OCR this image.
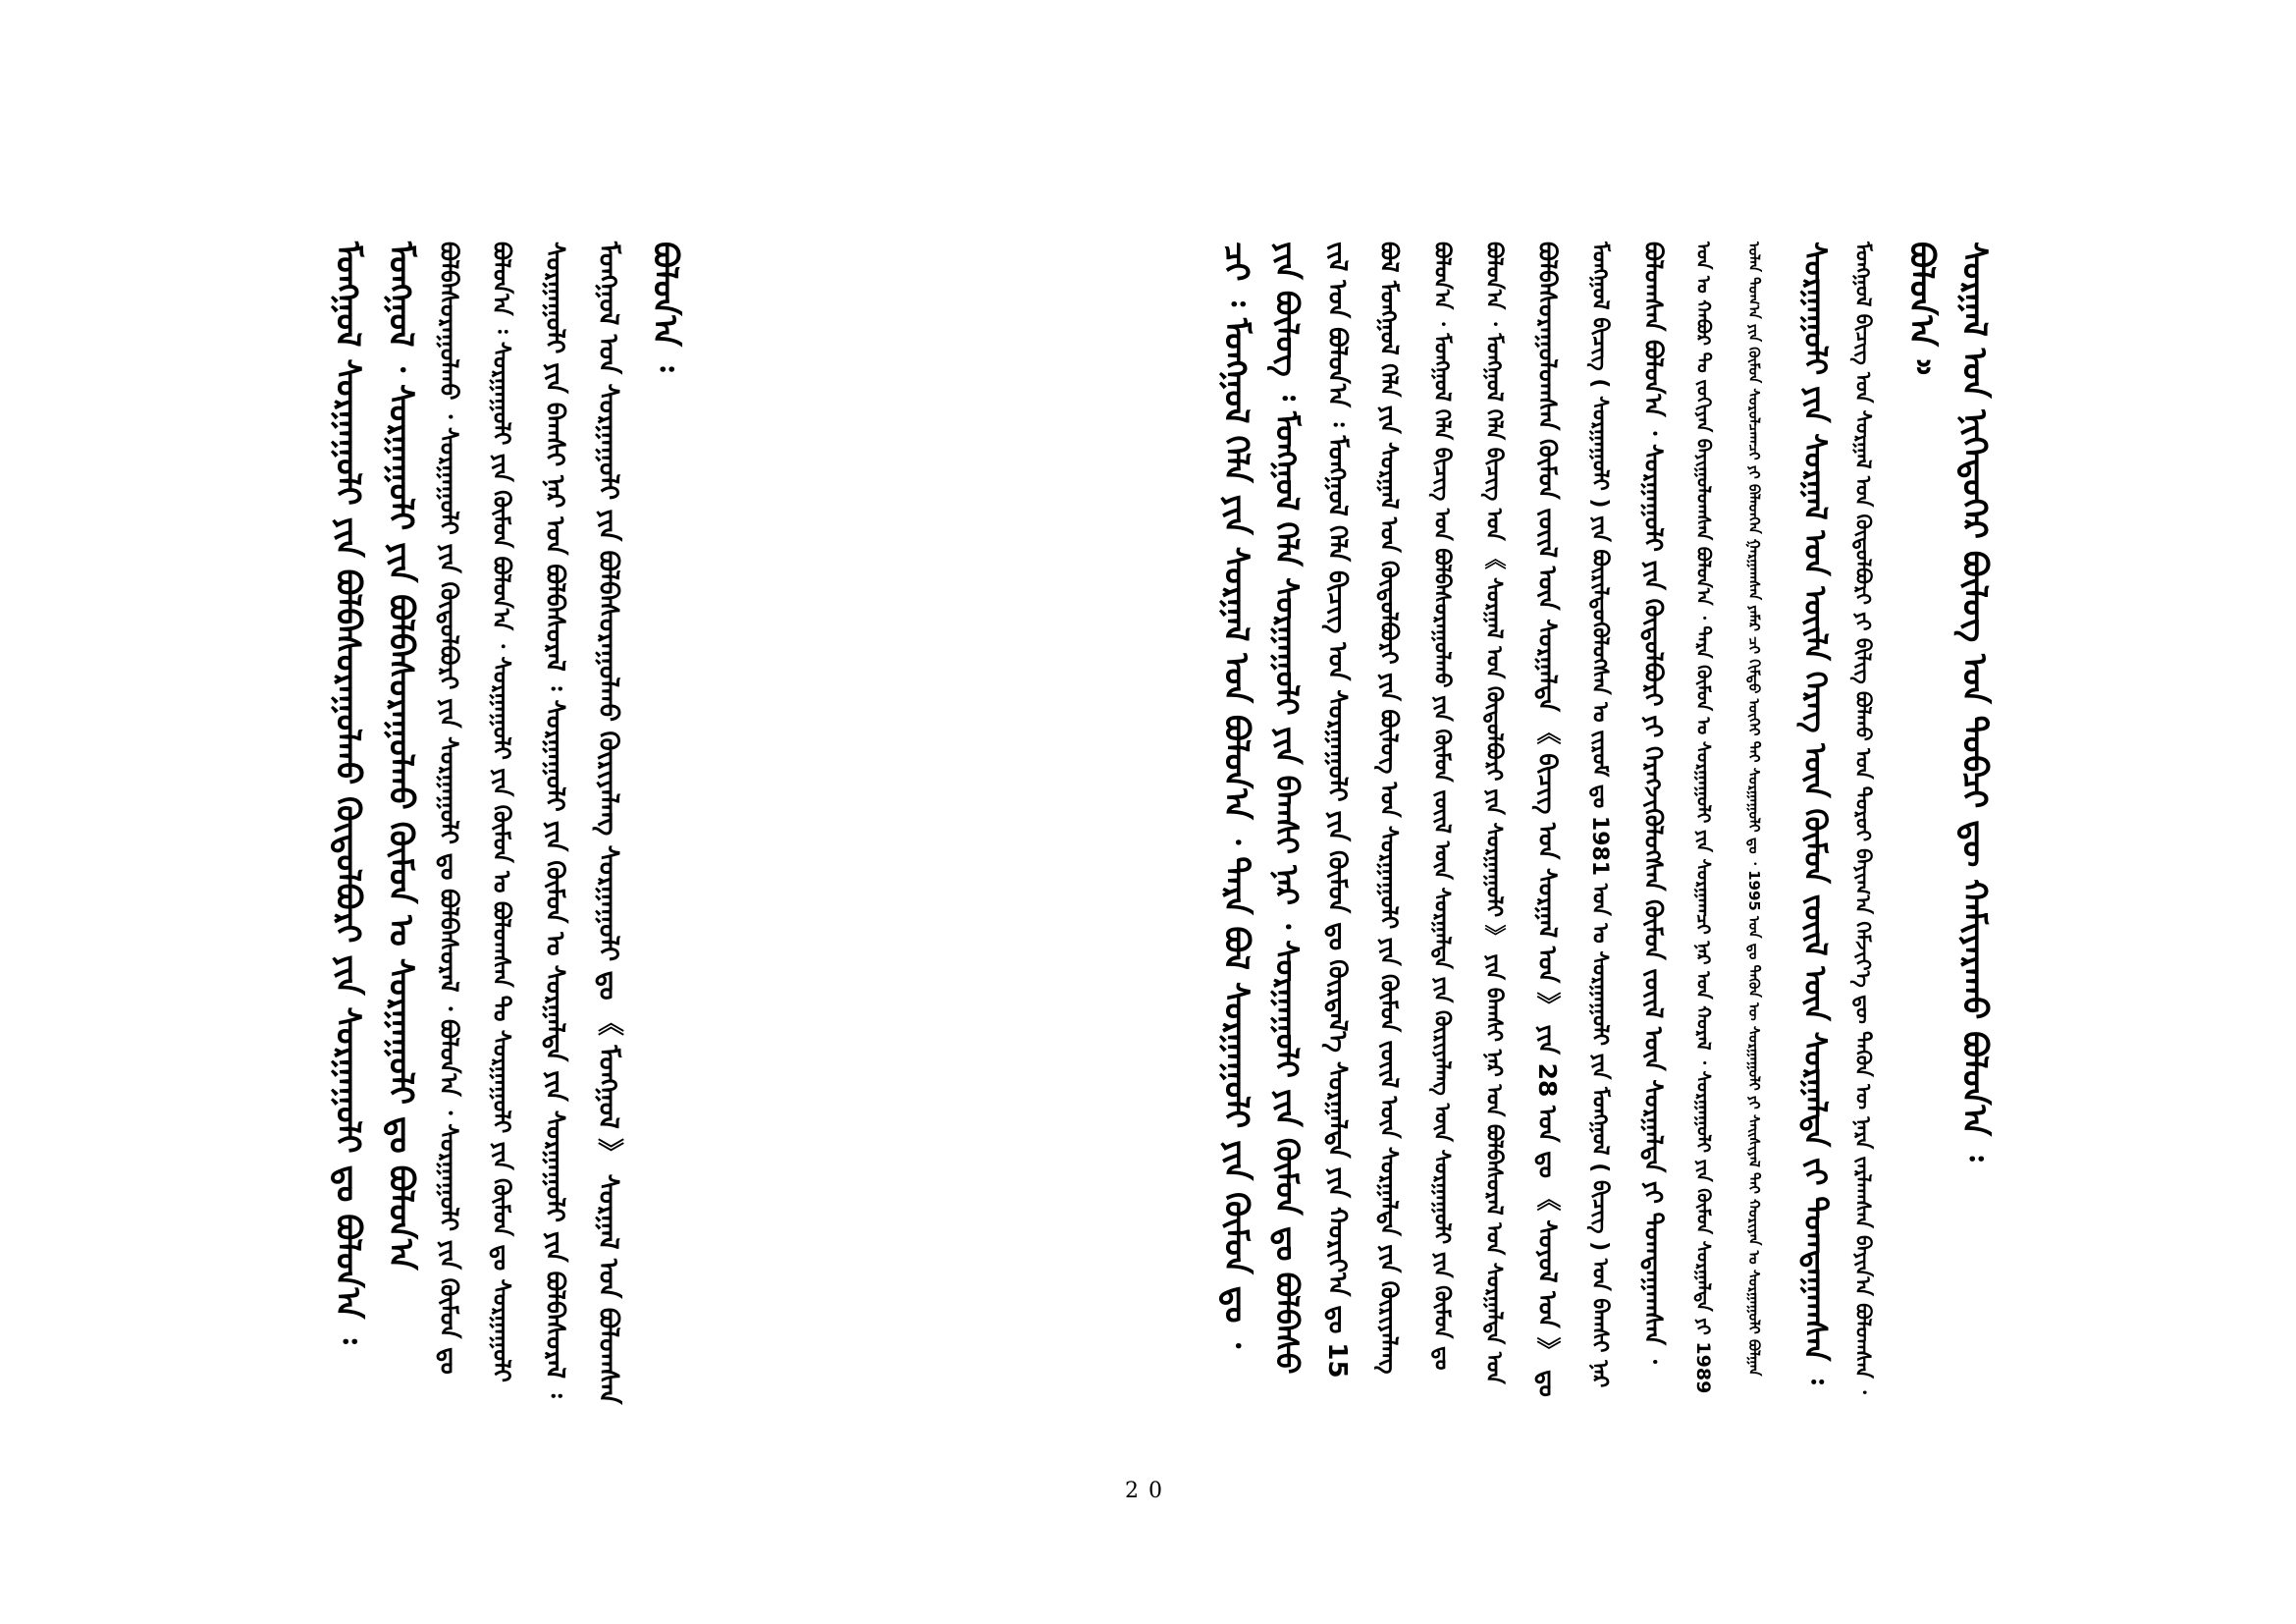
ᠰᠤᠷᠭᠠᠯ ᠤᠨ ᠨᠢᠭᠡᠳᠦᠭᠡᠷ ᠪᠦᠯᠦᠭ ᠤᠨ ᠲᠣᠪᠴᠢ ᠳᠦ ᠬᠠᠮᠢᠶᠠᠷᠠᠬᠤ ᠪᠣᠯᠤᠨ᠎ᠠ ᠄
ᠪᠣᠯᠤᠨ᠎ᠠ ᠉
ᠮᠣᠩᠭᠣᠯ ᠪᠢᠴᠢᠭ ᠤᠨ ᠰᠤᠷᠭᠠᠯ ᠤᠨ ᠬᠥᠲᠦᠯᠪᠦᠷᠢ ᠶᠢ ᠪᠢᠯᠢᠭ ᠪᠣᠯᠬᠤ ᠤᠨ ᠳᠤᠷᠤᠢ ᠪᠠᠶᠢᠭ᠎ᠠ ᠬᠡᠮᠵᠢᠶ᠎ᠡ ᠳᠦ ᠲᠡᠭᠦᠨ ᠦ ᠨᠡᠷᠡ ᠵᠠᠷᠯᠠᠭᠰᠠᠨ ᠪᠠᠶᠢᠨ᠎ᠠ ᠪᠣᠯᠤᠭᠰᠠᠨ ᠂
ᠰᠤᠷᠭᠠᠭᠤᠯᠢ ᠶᠢᠨ ᠰᠤᠷᠭᠠᠯ ᠤᠨ ᠦᠢᠯᠡ ᠬᠡᠷᠡᠭ ᠦᠨ ᠬᠦᠮᠦᠨ ᠵᠦᠢᠯ ᠦᠨ ᠰᠤᠷᠭᠠᠯᠲᠠ ᠵᠢ ᠲᠣᠭᠲᠠᠭᠠᠭᠰᠠᠨ ᠄
ᠣᠯᠠᠨ ᠲᠣᠭ᠎ᠠ ᠶᠢᠨ ᠬᠦᠮᠦᠨ ᠰᠤᠷᠤᠯᠴᠠᠭᠴᠢ ᠶᠢ ᠪᠡᠯᠡᠳᠬᠡᠨ ᠭᠠᠷᠭᠠᠭᠰᠠᠨ ᠶᠠᠮᠠᠷ ᠴᠢ ᠬᠢᠮᠳᠦ ᠦᠭᠡᠢ ᠲᠡᠢ ᠰᠤᠷᠭᠠᠭᠤᠯᠢ ᠳᠤ ᠂ 1995 ᠣᠨ ᠳᠤ ᠲᠡᠭᠦᠨ ᠦ ᠰᠤᠷᠭᠠᠭᠤᠯᠢ ᠶᠢ ᠰᠠᠢᠰᠢᠶᠠᠯ ᠲᠠᠢ ᠬᠣᠷᠢᠶᠠᠨ ᠤ ᠰᠤᠷᠭᠠᠭᠤᠯᠢ ᠪᠣᠯᠭᠠᠨ
ᠣᠨ ᠤ ᠬᠠᠪᠤᠷ ᠲᠤ ᠵᠣᠬᠢᠶᠠᠨ ᠪᠠᠶᠢᠭᠤᠯᠤᠭᠰᠠᠨ ᠪᠣᠯᠤᠨ᠎ᠠ ᠂ ᠲᠡᠷᠡ ᠬᠦᠮᠦᠨ ᠤ ᠰᠤᠷᠭᠠᠭᠤᠯᠢ ᠶᠢᠨ ᠰᠤᠷᠭᠠᠭᠴᠢ ᠨᠠᠷ ᠤᠨ ᠬᠤᠷᠠᠯ ᠂ ᠰᠤᠷᠭᠠᠭᠤᠯᠢ ᠶᠢᠨ ᠬᠦᠮᠦᠨ ᠰᠤᠷᠭᠠᠯᠲᠠ ᠶᠢ 1989
ᠪᠣᠯᠤᠭᠰᠠᠨ ᠪᠣᠯᠤᠨ᠎ᠠ ᠂ ᠰᠤᠷᠭᠠᠭᠤᠯᠢ ᠶᠢᠨ ᠬᠥᠲᠦᠯᠪᠦᠷᠢ ᠶᠢ ᠬᠡᠷᠡᠭᠵᠢᠭᠦᠯᠦᠭᠰᠡᠨ ᠬᠦᠮᠦᠨ ᠵᠦᠢᠯ ᠦᠨ ᠰᠤᠷᠭᠠᠯᠲᠠ ᠶᠢ ᠲᠣᠭᠲᠠᠭᠠᠭᠰᠠᠨ ᠂
ᠮᠣᠩᠭᠣᠯ ᠪᠢᠴᠢᠭ ( ᠰᠤᠷᠭᠠᠭᠤᠯᠢ ) ᠶᠢᠨ ᠪᠦᠷᠢᠯᠳᠦᠭᠦᠯᠦᠭᠰᠡᠨ ᠤ ᠵᠢᠷᠤᠮ ᠳᠤ 1981 ᠣᠨ ᠤ ᠰᠤᠷᠭᠠᠭᠤᠯᠢ ᠶᠢᠨ ᠮᠣᠩᠭᠣᠯ ( ᠪᠢᠴᠢᠭ ) ᠤᠨ ᠪᠠᠭᠰᠢ ᠨᠠᠷ
ᠪᠣᠯᠪᠠᠰᠤᠷᠠᠭᠤᠯᠤᠭᠰᠠᠨ ᠬᠦᠮᠦᠨ ᠵᠦᠢᠯ ᠦᠨ ᠰᠤᠷᠭᠠᠯᠲᠠ 《 ᠪᠢᠴᠢᠭ ᠤᠨ ᠰᠤᠷᠭᠠᠯ ᠤᠨ 》 ᠶᠢᠨ 28 ᠣᠨ ᠳᠤ 《 ᠰᠣᠶᠣᠯ ᠤᠨ 》 ᠳᠤ
ᠪᠣᠯᠤᠨ᠎ᠠ ᠂ ᠮᠣᠩᠭᠣᠯ ᠬᠡᠯᠡ ᠪᠢᠴᠢᠭ ᠤᠨ 《 ᠰᠤᠷᠭᠠᠯ ᠤᠨ ᠬᠥᠲᠦᠯᠪᠦᠷᠢ ᠶᠢᠨ ᠰᠤᠷᠭᠠᠭᠤᠯᠢ 》 ᠶᠢᠨ ᠪᠠᠭᠰᠢ ᠨᠠᠷ ᠤᠨ ᠪᠣᠯᠪᠠᠰᠤᠷᠠᠯ ᠤᠨ ᠰᠤᠷᠭᠠᠯᠲᠠ ᠤᠨ
ᠪᠣᠯᠤᠨ᠎ᠠ ᠂ ᠮᠣᠩᠭᠣᠯ ᠬᠡᠯᠡ ᠪᠢᠴᠢᠭ ᠤᠨ ᠪᠣᠯᠪᠠᠰᠤᠷᠠᠭᠤᠯᠬᠤ ᠶᠢᠨ ᠬᠦᠮᠦᠨ ᠵᠦᠢᠯ ᠦᠨ ᠰᠤᠷᠭᠠᠯᠲᠠ ᠶᠢᠨ ᠬᠦᠷᠢᠶᠡᠯᠡᠩ ᠦᠨ ᠰᠤᠷᠭᠠᠭᠤᠯᠢ ᠶᠢᠨ ᠬᠦᠮᠦᠨ ᠳᠤ
ᠪᠣᠯ ᠮᠣᠩᠭᠣᠯ ᠬᠡᠯᠡ ᠶᠢᠨ ᠰᠤᠷᠭᠠᠯ ᠤᠨ ᠬᠥᠲᠦᠯᠪᠦᠷᠢ ᠶᠢᠨ ᠪᠦᠯᠦᠭ ᠤᠨ ᠰᠤᠷᠭᠠᠭᠤᠯᠢ ᠶᠢᠨ ᠬᠦᠮᠦᠨ ᠵᠦᠢᠯ ᠦᠨ ᠰᠤᠷᠭᠠᠯᠲᠠ ᠶᠢᠨ ᠬᠦᠷᠢᠶᠡᠯᠡᠩ
ᠵᠢᠯ ᠤᠨ ᠪᠣᠯᠤᠨ᠎ᠠ ᠄ ᠮᠣᠩᠭᠣᠯ ᠬᠡᠯᠡ ᠪᠢᠴᠢᠭ ᠤᠨ ᠰᠤᠷᠭᠠᠭᠤᠯᠢ ᠶᠢᠨ ᠬᠦᠮᠦᠨ ᠳᠤ ᠬᠦᠷᠲᠡᠯ᠎ᠡ ᠰᠤᠷᠭᠠᠯᠲᠠ ᠶᠢᠨ ᠬᠣᠷᠢᠶ᠎ᠠ ᠳᠤ 15
ᠶᠢᠨ ᠪᠦᠯᠦᠭ ᠄ ᠮᠣᠩᠭᠣᠯ ᠬᠡᠯᠡ ᠰᠤᠷᠭᠠᠭᠤᠯᠢ ᠶᠢᠨ ᠪᠠᠭᠰᠢ ᠨᠠᠷ ᠂ ᠰᠤᠷᠭᠠᠭᠤᠯᠢ ᠶᠢᠨ ᠬᠦᠮᠦᠨ ᠳᠤ ᠪᠣᠯᠪᠠᠰᠤ
ᠴᠢ ᠄ ᠮᠣᠩᠭᠣᠯ ᠬᠡᠯᠡ ᠶᠢᠨ ᠰᠤᠷᠭᠠᠯ ᠤᠨ ᠪᠣᠯᠤᠨ᠎ᠠ ᠂ ᠲᠡᠷᠡ ᠪᠣᠯ ᠰᠤᠷᠭᠠᠭᠤᠯᠢ ᠶᠢᠨ ᠬᠦᠮᠦᠨ ᠳᠤ ᠂
ᠪᠣᠯᠤᠨ᠎ᠠ ᠄
ᠮᠣᠩᠭᠣᠯ ᠤᠨ ᠰᠤᠷᠭᠠᠭᠤᠯᠢ ᠶᠢᠨ ᠪᠣᠯᠪᠠᠰᠤᠷᠠᠭᠤᠯᠬᠤ ᠬᠦᠷᠢᠶᠡᠯᠡᠩ ᠰᠤᠷᠭᠠᠭᠤᠯᠢ ᠳᠤ 《 ᠮᠣᠩᠭᠣᠯ 》 ᠰᠤᠷᠭᠠᠯ ᠤᠨ ᠪᠣᠯᠤᠭᠰᠠᠨ
ᠰᠤᠷᠭᠠᠭᠤᠯᠢ ᠶᠢᠨ ᠪᠠᠭᠰᠢ ᠨᠠᠷ ᠤᠨ ᠪᠣᠯᠪᠠᠰᠤᠷᠠᠯ ᠄ ᠰᠤᠷᠭᠠᠭᠤᠯᠢ ᠶᠢᠨ ᠬᠦᠮᠦᠨ ᠤ ᠰᠤᠷᠭᠠᠯᠲᠠ ᠶᠢᠨ ᠰᠤᠷᠭᠠᠭᠤᠯᠢ ᠶᠢᠨ ᠪᠣᠯᠪᠠᠰᠤᠷᠠᠯ ᠄
ᠪᠣᠯᠤᠨ᠎ᠠ ᠄ ᠰᠤᠷᠭᠠᠭᠤᠯᠢ ᠶᠢᠨ ᠬᠦᠮᠦᠨ ᠪᠣᠯᠤᠨ᠎ᠠ ᠂ ᠰᠤᠷᠭᠠᠭᠤᠯᠢ ᠶᠢᠨ ᠬᠦᠮᠦᠨ ᠤ ᠪᠣᠯᠤᠭᠰᠠᠨ ᠲᠤ ᠰᠤᠷᠭᠠᠭᠤᠯᠢ ᠶᠢᠨ ᠬᠦᠮᠦᠨ ᠳᠤ ᠰᠤᠷᠭᠠᠭᠤᠯᠢ
ᠪᠣᠯᠪᠠᠰᠤᠷᠠᠭᠤᠯᠬᠤ ᠂ ᠰᠤᠷᠭᠠᠭᠤᠯᠢ ᠶᠢᠨ ᠬᠥᠲᠦᠯᠪᠦᠷᠢ ᠶᠢᠨ ᠰᠤᠷᠭᠠᠭᠤᠯᠢ ᠳᠤ ᠪᠣᠯᠪᠠᠰᠤᠷᠠᠯ ᠂ ᠪᠣᠯᠤᠨ᠎ᠠ ᠂ ᠰᠤᠷᠭᠠᠭᠤᠯᠢ ᠶᠢᠨ ᠬᠦᠮᠦᠨ ᠳᠤ
ᠮᠣᠩᠭᠣᠯ ᠂ ᠰᠤᠷᠭᠠᠭᠤᠯᠢ ᠶᠢᠨ ᠪᠣᠯᠪᠠᠰᠤᠷᠠᠭᠤᠯᠬᠤ ᠬᠦᠮᠦᠨ ᠤ ᠰᠤᠷᠭᠠᠭᠤᠯᠢ ᠳᠤ ᠪᠣᠯᠤᠨ᠎ᠠ
ᠮᠣᠩᠭᠣᠯ ᠰᠤᠷᠭᠠᠭᠤᠯᠢ ᠶᠢᠨ ᠪᠣᠯᠪᠠᠰᠤᠷᠠᠭᠤᠯᠬᠤ ᠬᠥᠲᠦᠯᠪᠦᠷᠢ ᠶᠢᠨ ᠰᠤᠷᠭᠠᠭᠤᠯᠢ ᠳᠤ ᠪᠣᠯᠤᠨ᠎ᠠ ᠄
20
